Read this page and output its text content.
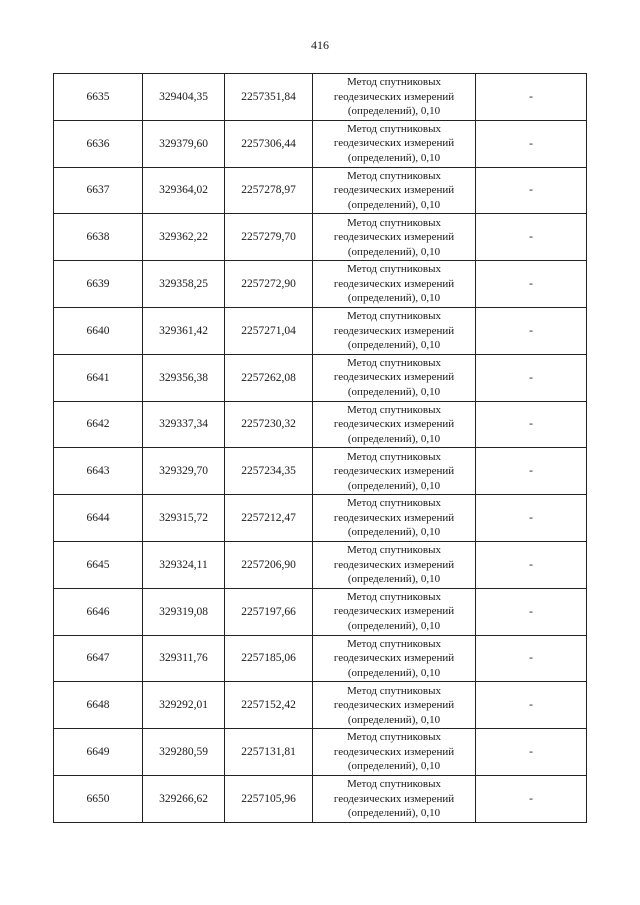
416
6635	329404,35	2257351,84	Метод спутниковых
геодезических измерений
(определений), 0,10	-
6636	329379,60	2257306,44	Метод спутниковых
геодезических измерений
(определений), 0,10	-
6637	329364,02	2257278,97	Метод спутниковых
геодезических измерений
(определений), 0,10	-
6638	329362,22	2257279,70	Метод спутниковых
геодезических измерений
(определений), 0,10	-
6639	329358,25	2257272,90	Метод спутниковых
геодезических измерений
(определений), 0,10	-
6640	329361,42	2257271,04	Метод спутниковых
геодезических измерений
(определений), 0,10	-
6641	329356,38	2257262,08	Метод спутниковых
геодезических измерений
(определений), 0,10	-
6642	329337,34	2257230,32	Метод спутниковых
геодезических измерений
(определений), 0,10	-
6643	329329,70	2257234,35	Метод спутниковых
геодезических измерений
(определений), 0,10	-
6644	329315,72	2257212,47	Метод спутниковых
геодезических измерений
(определений), 0,10	-
6645	329324,11	2257206,90	Метод спутниковых
геодезических измерений
(определений), 0,10	-
6646	329319,08	2257197,66	Метод спутниковых
геодезических измерений
(определений), 0,10	-
6647	329311,76	2257185,06	Метод спутниковых
геодезических измерений
(определений), 0,10	-
6648	329292,01	2257152,42	Метод спутниковых
геодезических измерений
(определений), 0,10	-
6649	329280,59	2257131,81	Метод спутниковых
геодезических измерений
(определений), 0,10	-
6650	329266,62	2257105,96	Метод спутниковых
геодезических измерений
(определений), 0,10	-
